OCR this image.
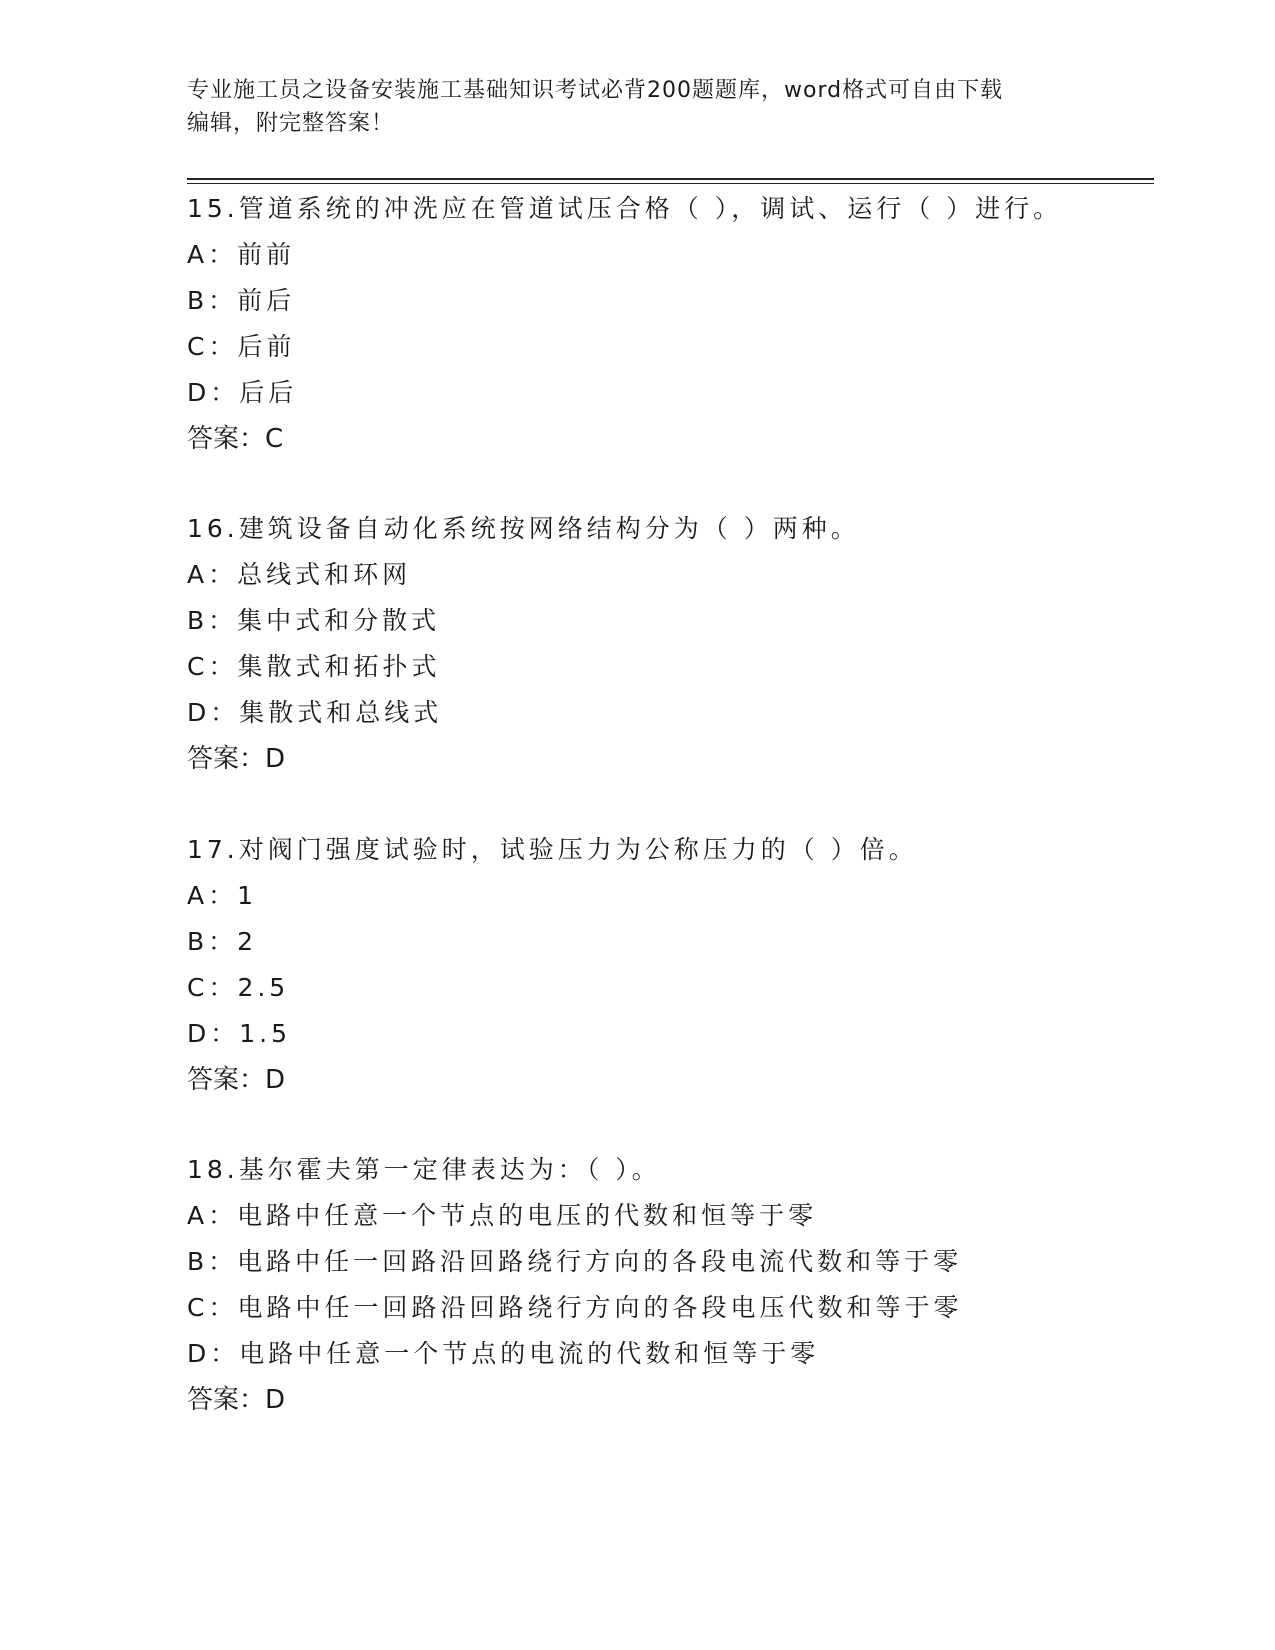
专业施工员之设备安装施工基础知识考试必背200题题库，word格式可自由下载
编辑，附完整答案！
15.管道系统的冲洗应在管道试压合格（ ），调试、运行（ ）进行。
A：前前
B：前后
C：后前
D：后后
答案：C
16.建筑设备自动化系统按网络结构分为（ ）两种。
A：总线式和环网
B：集中式和分散式
C：集散式和拓扑式
D：集散式和总线式
答案：D
17.对阀门强度试验时，试验压力为公称压力的（ ）倍。
A：1
B：2
C：2.5
D：1.5
答案：D
18.基尔霍夫第一定律表达为：（ ）。
A：电路中任意一个节点的电压的代数和恒等于零
B：电路中任一回路沿回路绕行方向的各段电流代数和等于零
C：电路中任一回路沿回路绕行方向的各段电压代数和等于零
D：电路中任意一个节点的电流的代数和恒等于零
答案：D
